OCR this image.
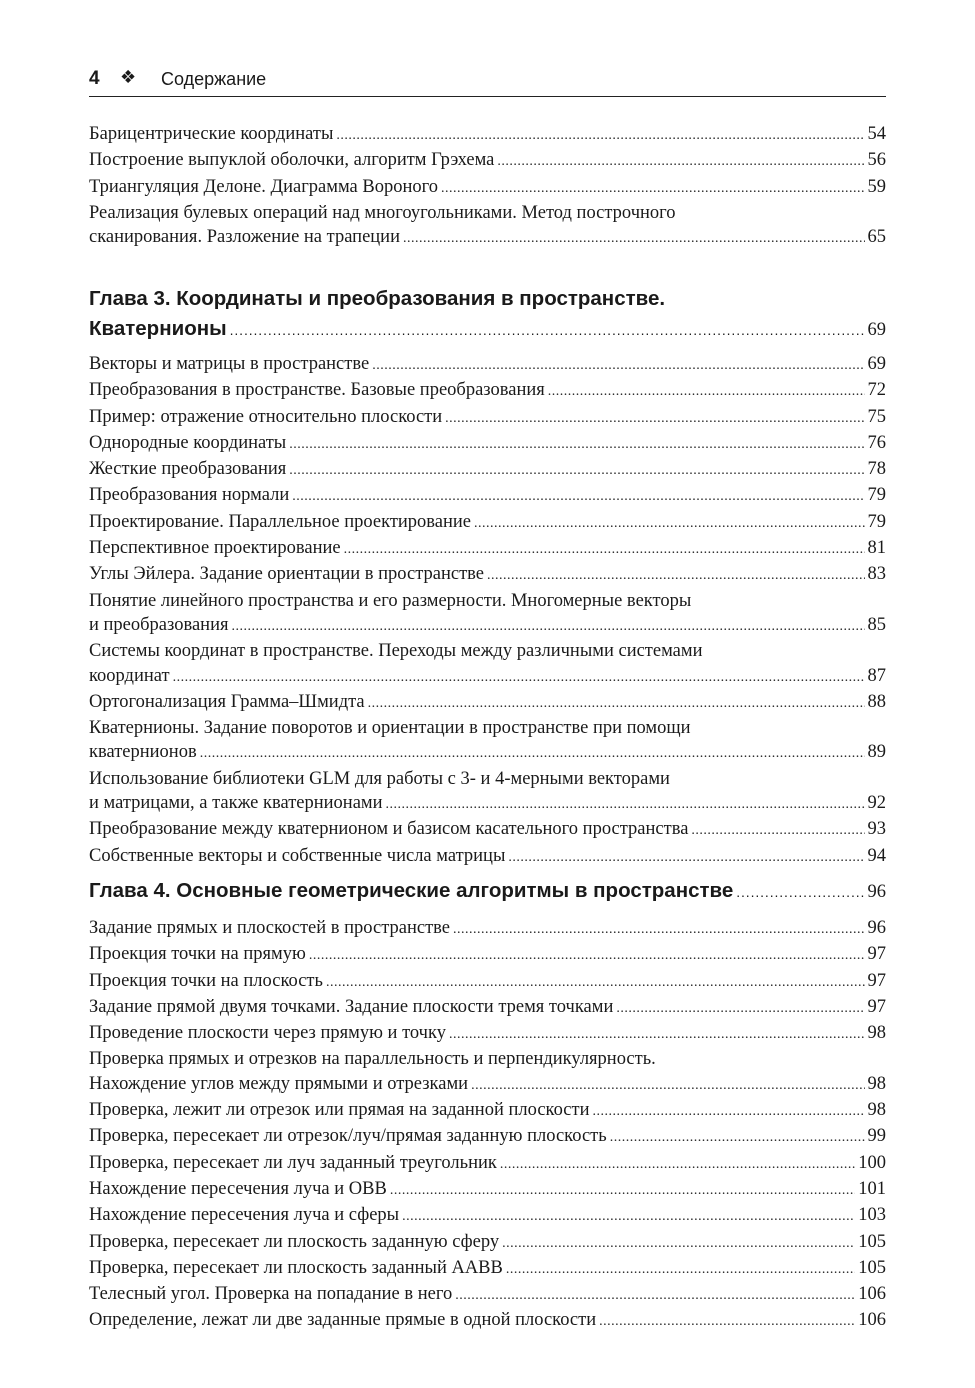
4 ❖ Содержание
Барицентрические координаты . . .	54
Построение выпуклой оболочки, алгоритм Грэхема . . .	56
Триангуляция Делоне. Диаграмма Вороного . . .	59
Реализация булевых операций над многоугольниками. Метод построчного
сканирования. Разложение на трапеции . . .	65
Глава 3. Координаты и преобразования в пространстве.
Кватернионы . . .	69
Векторы и матрицы в пространстве . . .	69
Преобразования в пространстве. Базовые преобразования . . .	72
Пример: отражение относительно плоскости . . .	75
Однородные координаты . . .	76
Жесткие преобразования . . .	78
Преобразования нормали . . .	79
Проектирование. Параллельное проектирование . . .	79
Перспективное проектирование . . .	81
Углы Эйлера. Задание ориентации в пространстве . . .	83
Понятие линейного пространства и его размерности. Многомерные векторы
и преобразования . . .	85
Системы координат в пространстве. Переходы между различными системами
координат . . .	87
Ортогонализация Грамма–Шмидта . . .	88
Кватернионы. Задание поворотов и ориентации в пространстве при помощи
кватернионов . . .	89
Использование библиотеки GLM для работы с 3- и 4-мерными векторами
и матрицами, а также кватернионами . . .	92
Преобразование между кватернионом и базисом касательного пространства . . .	93
Собственные векторы и собственные числа матрицы . . .	94
Глава 4. Основные геометрические алгоритмы в пространстве . . .	96
Задание прямых и плоскостей в пространстве . . .	96
Проекция точки на прямую . . .	97
Проекция точки на плоскость . . .	97
Задание прямой двумя точками. Задание плоскости тремя точками . . .	97
Проведение плоскости через прямую и точку . . .	98
Проверка прямых и отрезков на параллельность и перпендикулярность.
Нахождение углов между прямыми и отрезками . . .	98
Проверка, лежит ли отрезок или прямая на заданной плоскости . . .	98
Проверка, пересекает ли отрезок/луч/прямая заданную плоскость . . .	99
Проверка, пересекает ли луч заданный треугольник . . .	100
Нахождение пересечения луча и OBB . . .	101
Нахождение пересечения луча и сферы . . .	103
Проверка, пересекает ли плоскость заданную сферу . . .	105
Проверка, пересекает ли плоскость заданный AABB . . .	105
Телесный угол. Проверка на попадание в него . . .	106
Определение, лежат ли две заданные прямые в одной плоскости . . .	106
